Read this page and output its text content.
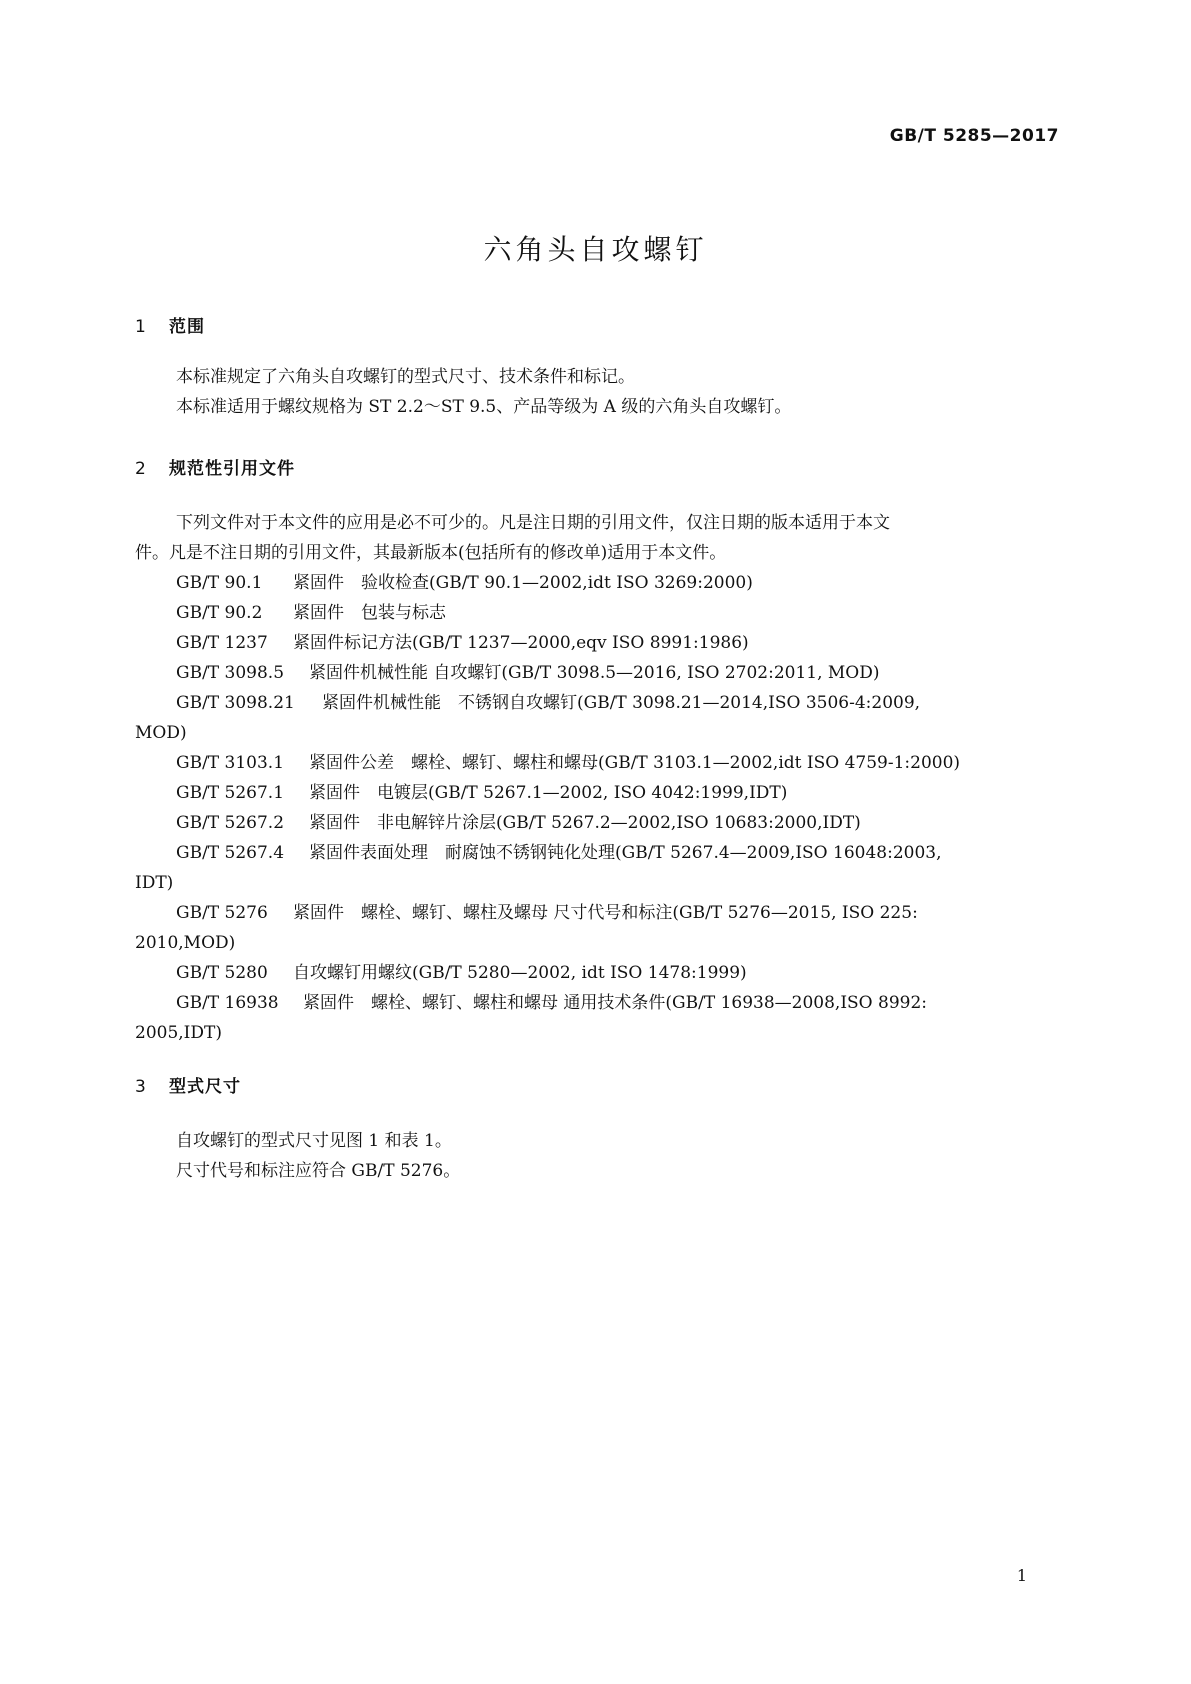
GB/T 5285—2017
六角头自攻螺钉
1 范围
本标准规定了六角头自攻螺钉的型式尺寸、技术条件和标记。
本标准适用于螺纹规格为 ST 2.2～ST 9.5、产品等级为 A 级的六角头自攻螺钉。
2 规范性引用文件
下列文件对于本文件的应用是必不可少的。凡是注日期的引用文件，仅注日期的版本适用于本文
件。凡是不注日期的引用文件，其最新版本(包括所有的修改单)适用于本文件。
GB/T 90.1 紧固件　验收检查(GB/T 90.1—2002,idt ISO 3269:2000)
GB/T 90.2 紧固件　包装与标志
GB/T 1237 紧固件标记方法(GB/T 1237—2000,eqv ISO 8991:1986)
GB/T 3098.5 紧固件机械性能 自攻螺钉(GB/T 3098.5—2016, ISO 2702:2011, MOD)
GB/T 3098.21 紧固件机械性能　不锈钢自攻螺钉(GB/T 3098.21—2014,ISO 3506-4:2009,
MOD)
GB/T 3103.1 紧固件公差　螺栓、螺钉、螺柱和螺母(GB/T 3103.1—2002,idt ISO 4759-1:2000)
GB/T 5267.1 紧固件　电镀层(GB/T 5267.1—2002, ISO 4042:1999,IDT)
GB/T 5267.2 紧固件　非电解锌片涂层(GB/T 5267.2—2002,ISO 10683:2000,IDT)
GB/T 5267.4 紧固件表面处理　耐腐蚀不锈钢钝化处理(GB/T 5267.4—2009,ISO 16048:2003,
IDT)
GB/T 5276 紧固件　螺栓、螺钉、螺柱及螺母 尺寸代号和标注(GB/T 5276—2015, ISO 225:
2010,MOD)
GB/T 5280 自攻螺钉用螺纹(GB/T 5280—2002, idt ISO 1478:1999)
GB/T 16938 紧固件　螺栓、螺钉、螺柱和螺母 通用技术条件(GB/T 16938—2008,ISO 8992:
2005,IDT)
3 型式尺寸
自攻螺钉的型式尺寸见图 1 和表 1。
尺寸代号和标注应符合 GB/T 5276。
1
